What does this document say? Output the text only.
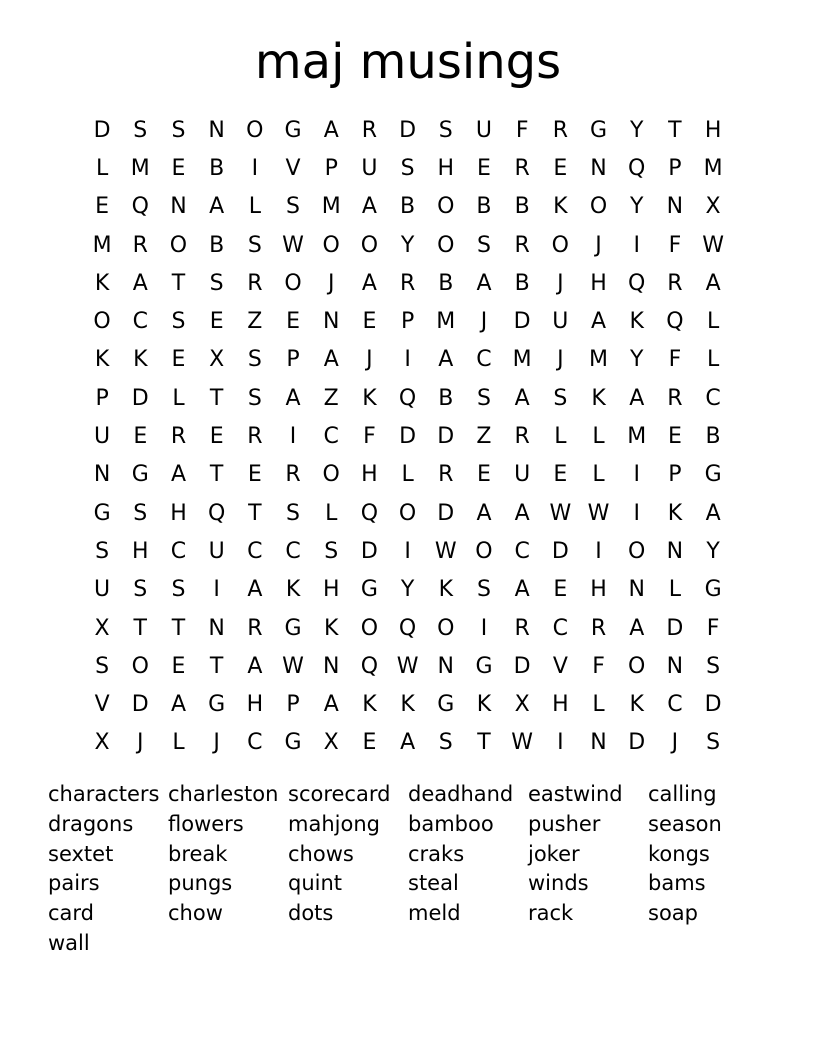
maj musings
D	S	S	N O G	A	R	D	S	U	F	R	G	Y	T	H
L	M E	B	I	V	P	U	S	H	E	R	E	N Q	P	M
E	Q N	A	L	S M A	B O B	B	K	O	Y	N	X
M R O B	S W O O	Y	O	S	R O	J	I	F W
K	A	T	S	R O	J	A	R	B	A	B	J	H Q R	A
O C	S	E	Z	E	N	E	P	M	J	D U	A	K	Q	L
K	K	E	X	S	P	A	J	I	A	C M	J	M Y	F	L
P	D	L	T	S	A	Z	K	Q B	S	A	S	K	A	R	C
U	E	R	E	R	I	C	F	D D	Z	R	L	L	M E	B
N G	A	T	E	R O H	L	R	E	U	E	L	I	P	G
G	S	H Q	T	S	L	Q O D	A	A W W	I	K	A
S	H	C	U	C	C	S	D	I	W O C	D	I	O N	Y
U	S	S	I	A	K	H G	Y	K	S	A	E	H N	L	G
X	T	T	N	R	G	K	O Q O	I	R	C	R	A	D	F
S	O	E	T	A W N Q W N G D	V	F	O N	S
V	D	A	G H	P	A	K	K	G	K	X	H	L	K	C	D
X	J	L	J	C G	X	E	A	S	T W	I	N D	J	S
characters charleston scorecard deadhand eastwind	calling
dragons	flowers	mahjong	bamboo	pusher	season
sextet	break	chows	craks	joker	kongs
pairs	pungs	quint	steal	winds	bams
card	chow	dots	meld	rack	soap
wall
